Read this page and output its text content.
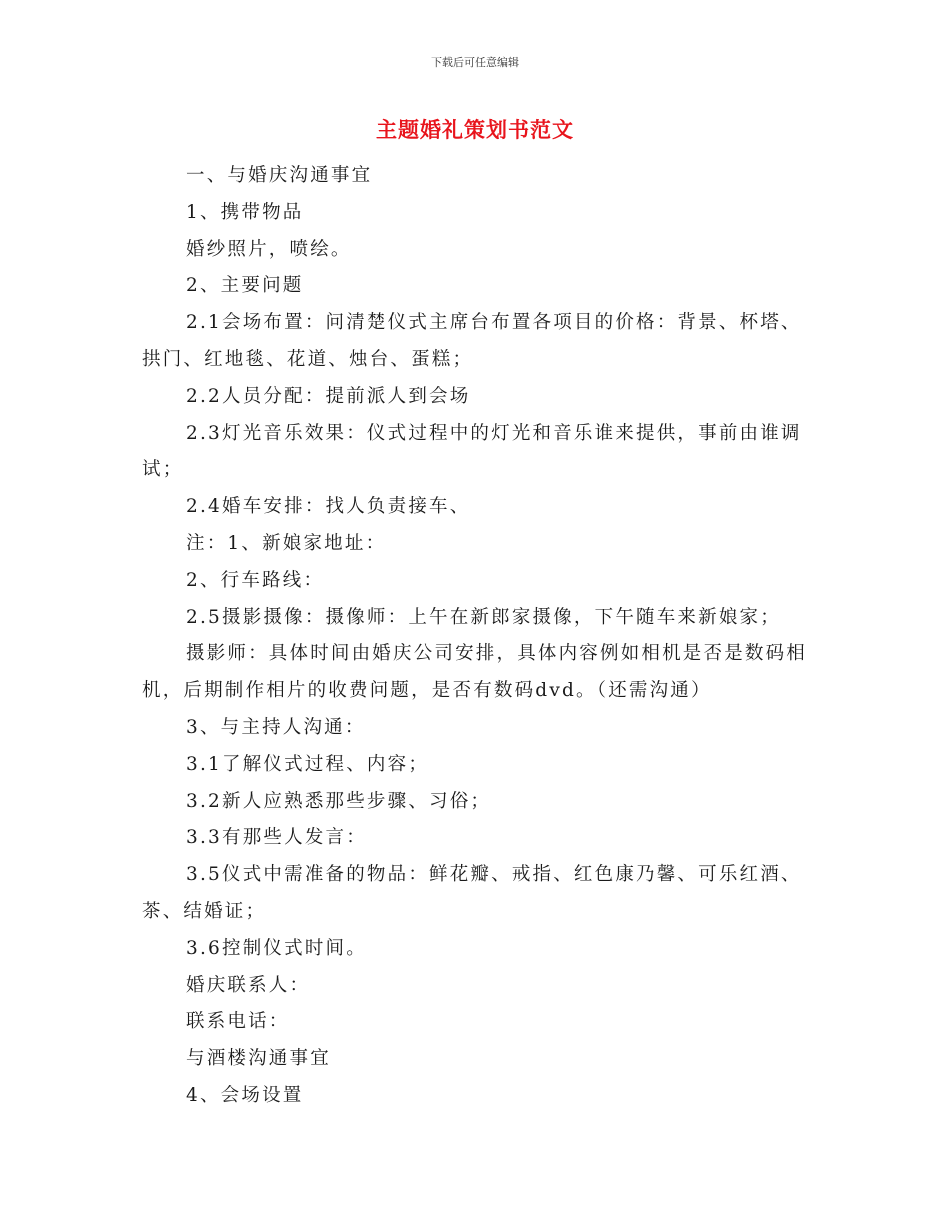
下载后可任意编辑
主题婚礼策划书范文

一、与婚庆沟通事宜

1、携带物品

婚纱照片，喷绘。

2、主要问题

2.1会场布置：问清楚仪式主席台布置各项目的价格：背景、杯塔、拱门、红地毯、花道、烛台、蛋糕；

2.2人员分配：提前派人到会场

2.3灯光音乐效果：仪式过程中的灯光和音乐谁来提供，事前由谁调试；

2.4婚车安排：找人负责接车、

注：1、新娘家地址：

2、行车路线：

2.5摄影摄像：摄像师：上午在新郎家摄像，下午随车来新娘家；

摄影师：具体时间由婚庆公司安排，具体内容例如相机是否是数码相机，后期制作相片的收费问题，是否有数码dvd。（还需沟通）

3、与主持人沟通：

3.1了解仪式过程、内容；

3.2新人应熟悉那些步骤、习俗；

3.3有那些人发言：

3.5仪式中需准备的物品：鲜花瓣、戒指、红色康乃馨、可乐红酒、茶、结婚证；

3.6控制仪式时间。

婚庆联系人：

联系电话：

与酒楼沟通事宜

4、会场设置
